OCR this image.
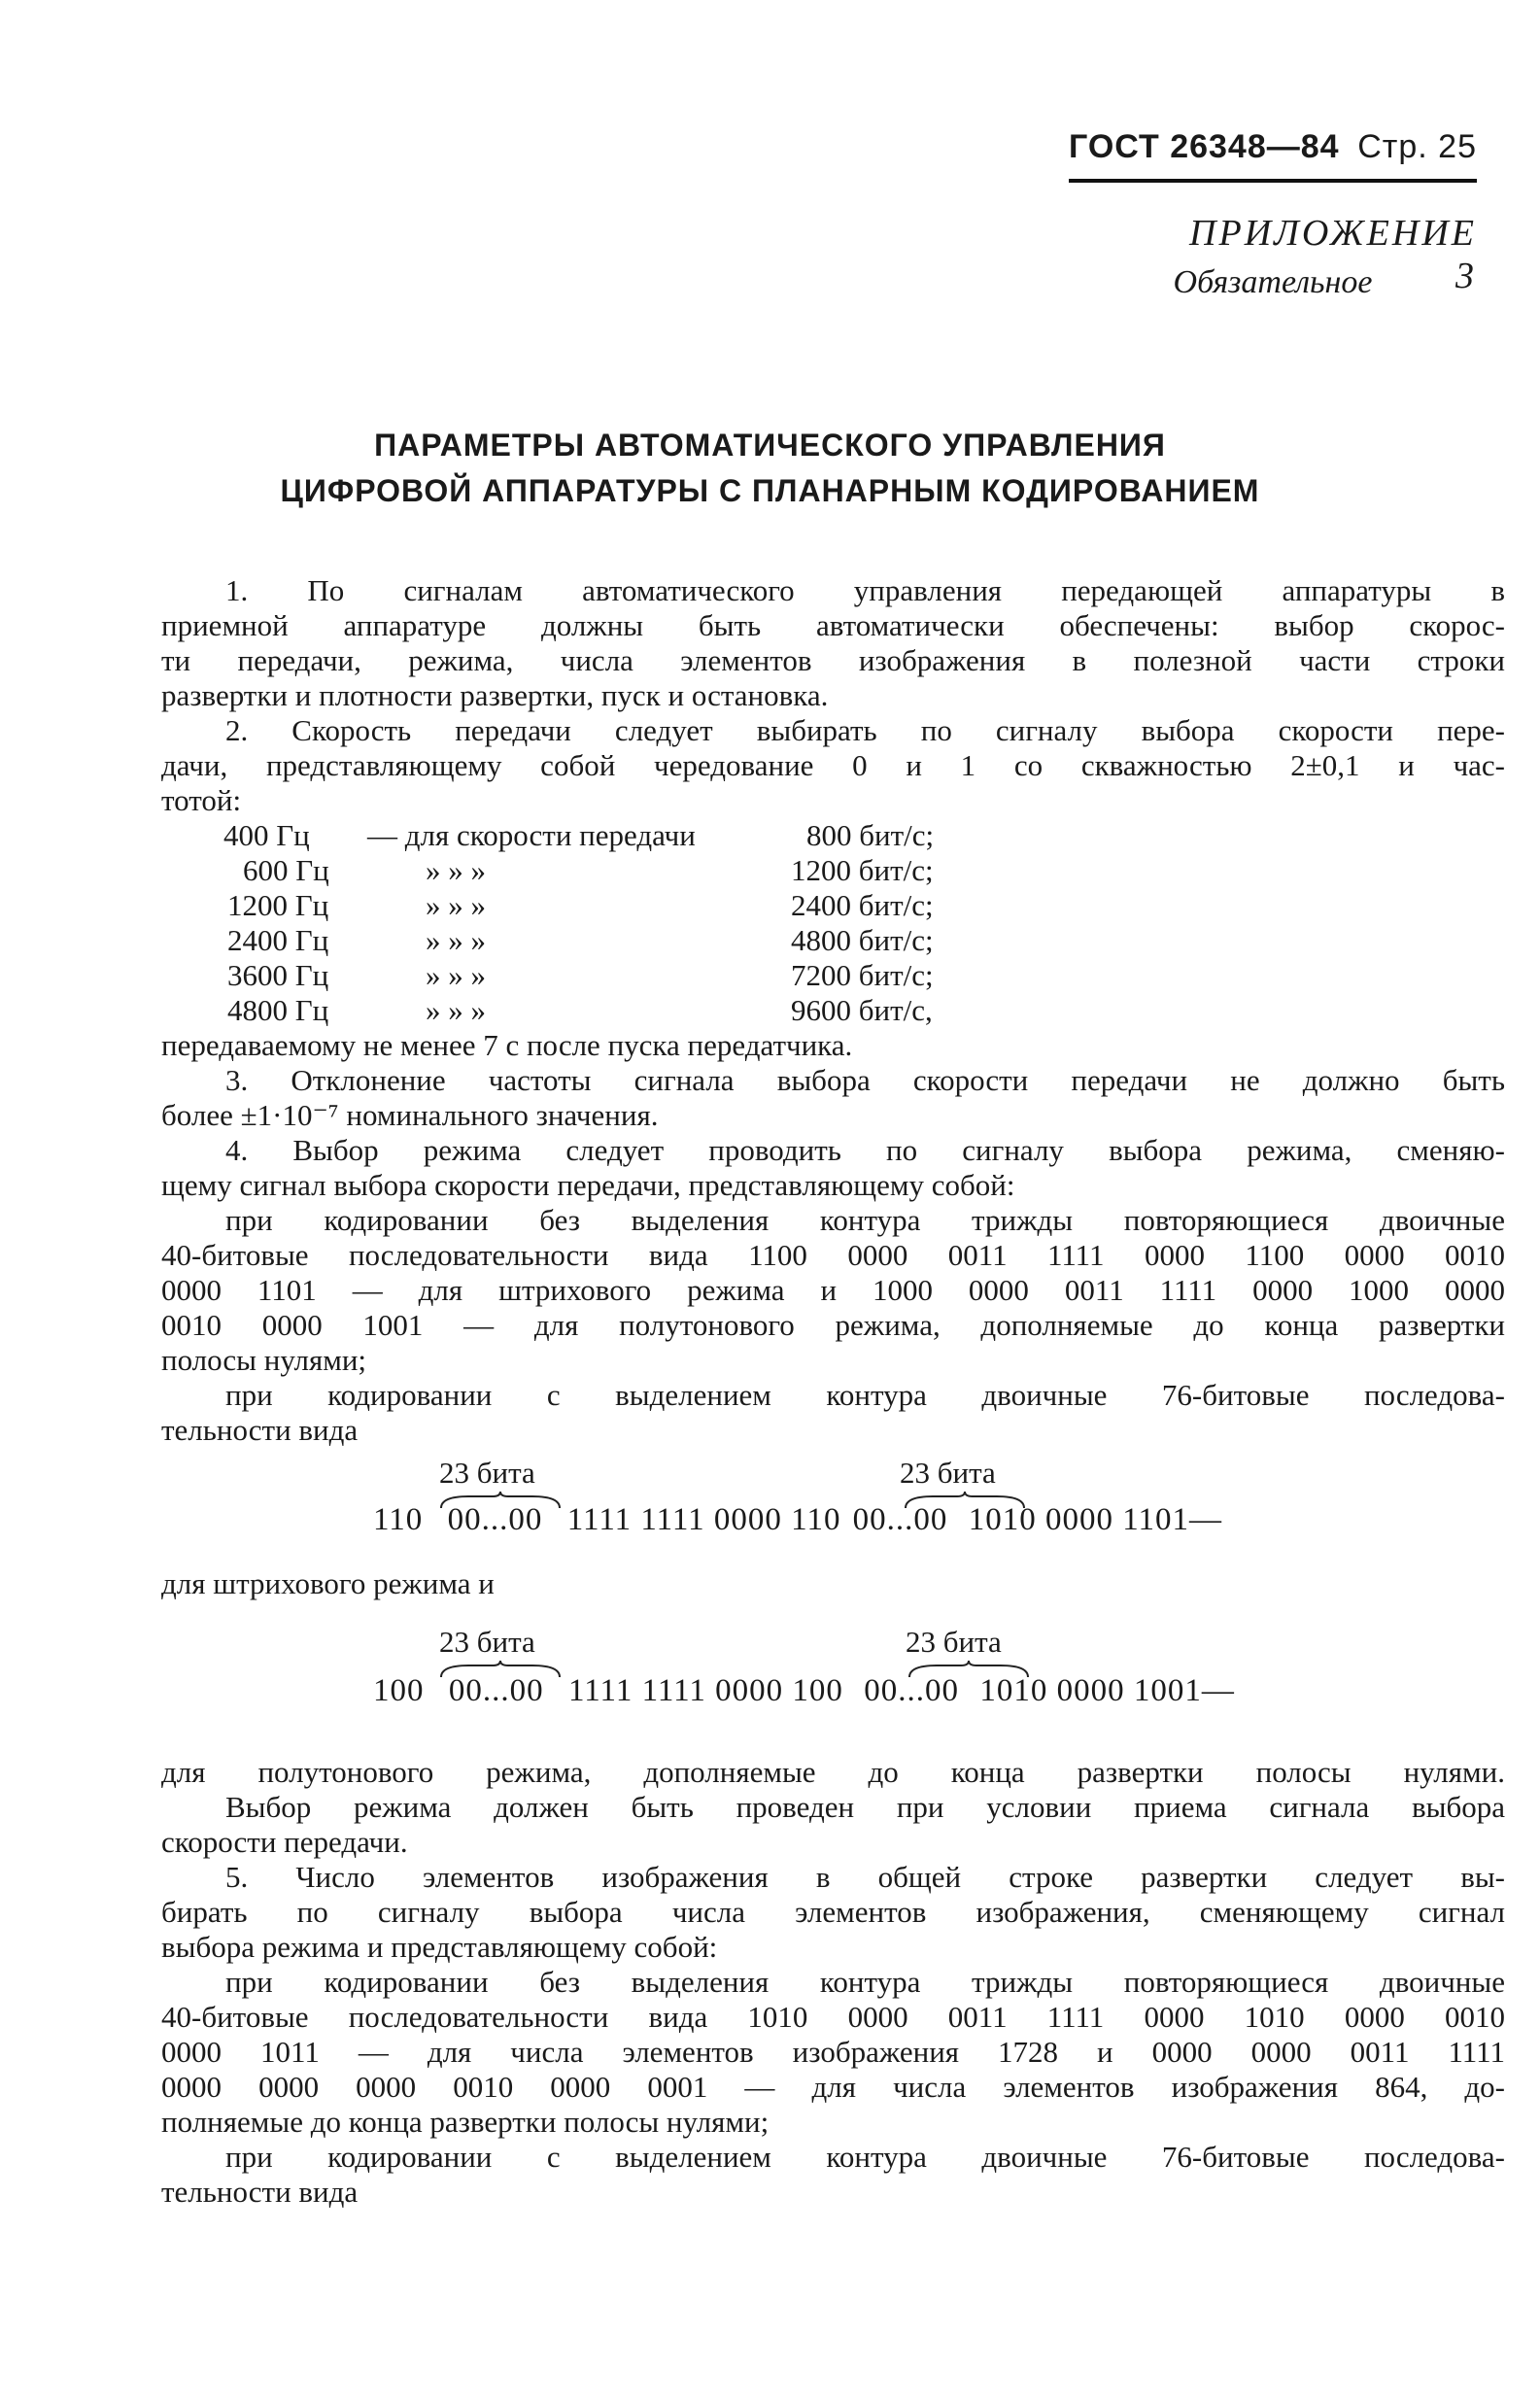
ГОСТ 26348—84 Стр. 25
ПРИЛОЖЕНИЕ 3
Обязательное
ПАРАМЕТРЫ АВТОМАТИЧЕСКОГО УПРАВЛЕНИЯ
ЦИФРОВОЙ АППАРАТУРЫ С ПЛАНАРНЫМ КОДИРОВАНИЕМ
1. По сигналам автоматического управления передающей аппаратуры в
приемной аппаратуре должны быть автоматически обеспечены: выбор скорос-
ти передачи, режима, числа элементов изображения в полезной части строки
развертки и плотности развертки, пуск и остановка.
2. Скорость передачи следует выбирать по сигналу выбора скорости пере-
дачи, представляющему собой чередование 0 и 1 со скважностью 2±0,1 и час-
тотой:
400 Гц — для скорости передачи	800 бит/с;
600 Гц	» » »	1200 бит/с;
1200 Гц	» » »	2400 бит/с;
2400 Гц	» » »	4800 бит/с;
3600 Гц	» » »	7200 бит/с;
4800 Гц	» » »	9600 бит/с,
передаваемому не менее 7 с после пуска передатчика.
3. Отклонение частоты сигнала выбора скорости передачи не должно быть
более ±1·10⁻⁷ номинального значения.
4. Выбор режима следует проводить по сигналу выбора режима, сменяю-
щему сигнал выбора скорости передачи, представляющему собой:
при кодировании без выделения контура трижды повторяющиеся двоичные
40-битовые последовательности вида 1100 0000 0011 1111 0000 1100 0000 0010
0000 1101 — для штрихового режима и 1000 0000 0011 1111 0000 1000 0000
0010 0000 1001 — для полутонового режима, дополняемые до конца развертки
полосы нулями;
при кодировании с выделением контура двоичные 76-битовые последова-
тельности вида
23 бита	23 бита
110 00...00 1111 1111 0000 110 00...00 1010 0000 1101—
для штрихового режима и
23 бита	23 бита
100 00...00 1111 1111 0000 100 00...00 1010 0000 1001—
для полутонового режима, дополняемые до конца развертки полосы нулями.
Выбор режима должен быть проведен при условии приема сигнала выбора
скорости передачи.
5. Число элементов изображения в общей строке развертки следует вы-
бирать по сигналу выбора числа элементов изображения, сменяющему сигнал
выбора режима и представляющему собой:
при кодировании без выделения контура трижды повторяющиеся двоичные
40-битовые последовательности вида 1010 0000 0011 1111 0000 1010 0000 0010
0000 1011 — для числа элементов изображения 1728 и 0000 0000 0011 1111
0000 0000 0000 0010 0000 0001 — для числа элементов изображения 864, до-
полняемые до конца развертки полосы нулями;
при кодировании с выделением контура двоичные 76-битовые последова-
тельности вида
